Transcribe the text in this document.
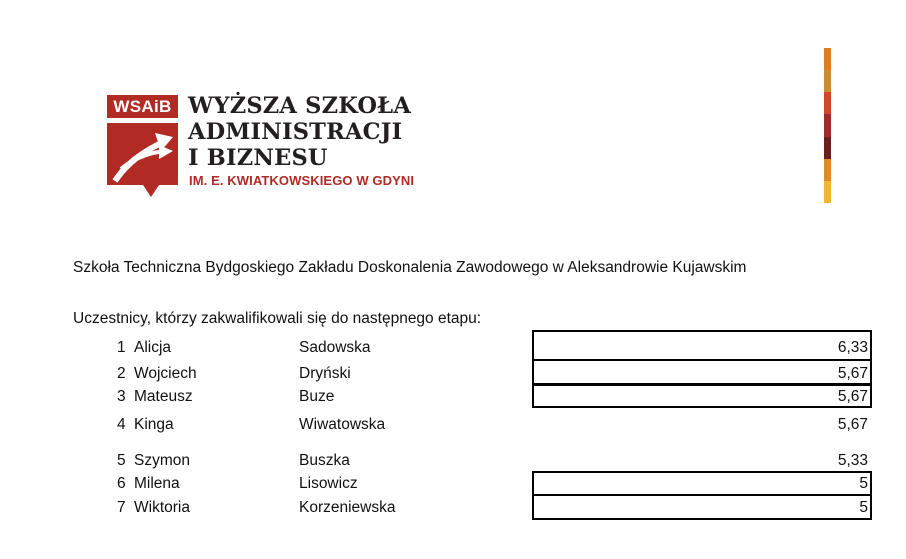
WSAiB WYŻSZA SZKOŁA
ADMINISTRACJI
I BIZNESU
IM. E. KWIATKOWSKIEGO W GDYNI
Szkoła Techniczna Bydgoskiego Zakładu Doskonalenia Zawodowego w Aleksandrowie Kujawskim
Uczestnicy, którzy zakwalifikowali się do następnego etapu:
1 Alicja	Sadowska	6,33
2 Wojciech	Dryński	5,67
3 Mateusz	Buze	5,67
4 Kinga	Wiwatowska	5,67
5 Szymon	Buszka	5,33
6 Milena	Lisowicz	5
7 Wiktoria	Korzeniewska	5
